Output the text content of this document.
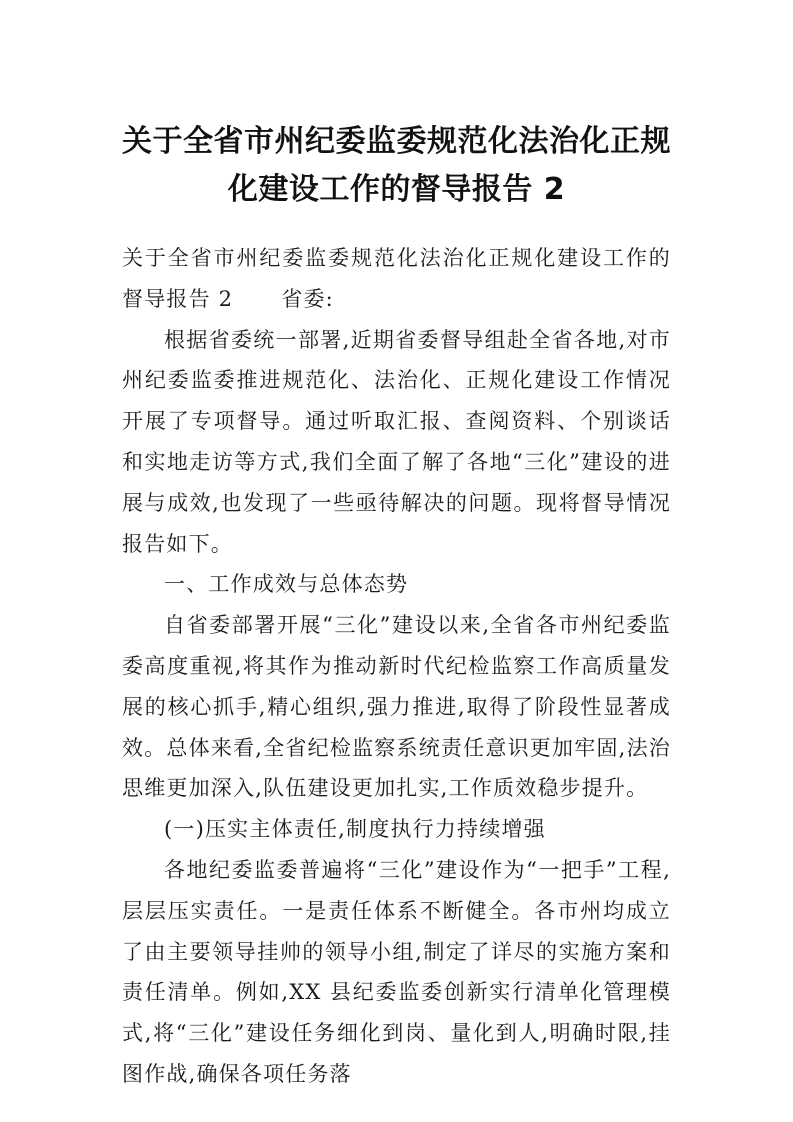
关于全省市州纪委监委规范化法治化正规
化建设工作的督导报告 2

关于全省市州纪委监委规范化法治化正规化建设工作的督导报告 2 省委:

根据省委统一部署,近期省委督导组赴全省各地,对市州纪委监委推进规范化、法治化、正规化建设工作情况开展了专项督导。通过听取汇报、查阅资料、个别谈话和实地走访等方式,我们全面了解了各地“三化”建设的进展与成效,也发现了一些亟待解决的问题。现将督导情况报告如下。

一、工作成效与总体态势

自省委部署开展“三化”建设以来,全省各市州纪委监委高度重视,将其作为推动新时代纪检监察工作高质量发展的核心抓手,精心组织,强力推进,取得了阶段性显著成效。总体来看,全省纪检监察系统责任意识更加牢固,法治思维更加深入,队伍建设更加扎实,工作质效稳步提升。

(一)压实主体责任,制度执行力持续增强

各地纪委监委普遍将“三化”建设作为“一把手”工程,层层压实责任。一是责任体系不断健全。各市州均成立了由主要领导挂帅的领导小组,制定了详尽的实施方案和责任清单。例如,XX 县纪委监委创新实行清单化管理模式,将“三化”建设任务细化到岗、量化到人,明确时限,挂图作战,确保各项任务落
